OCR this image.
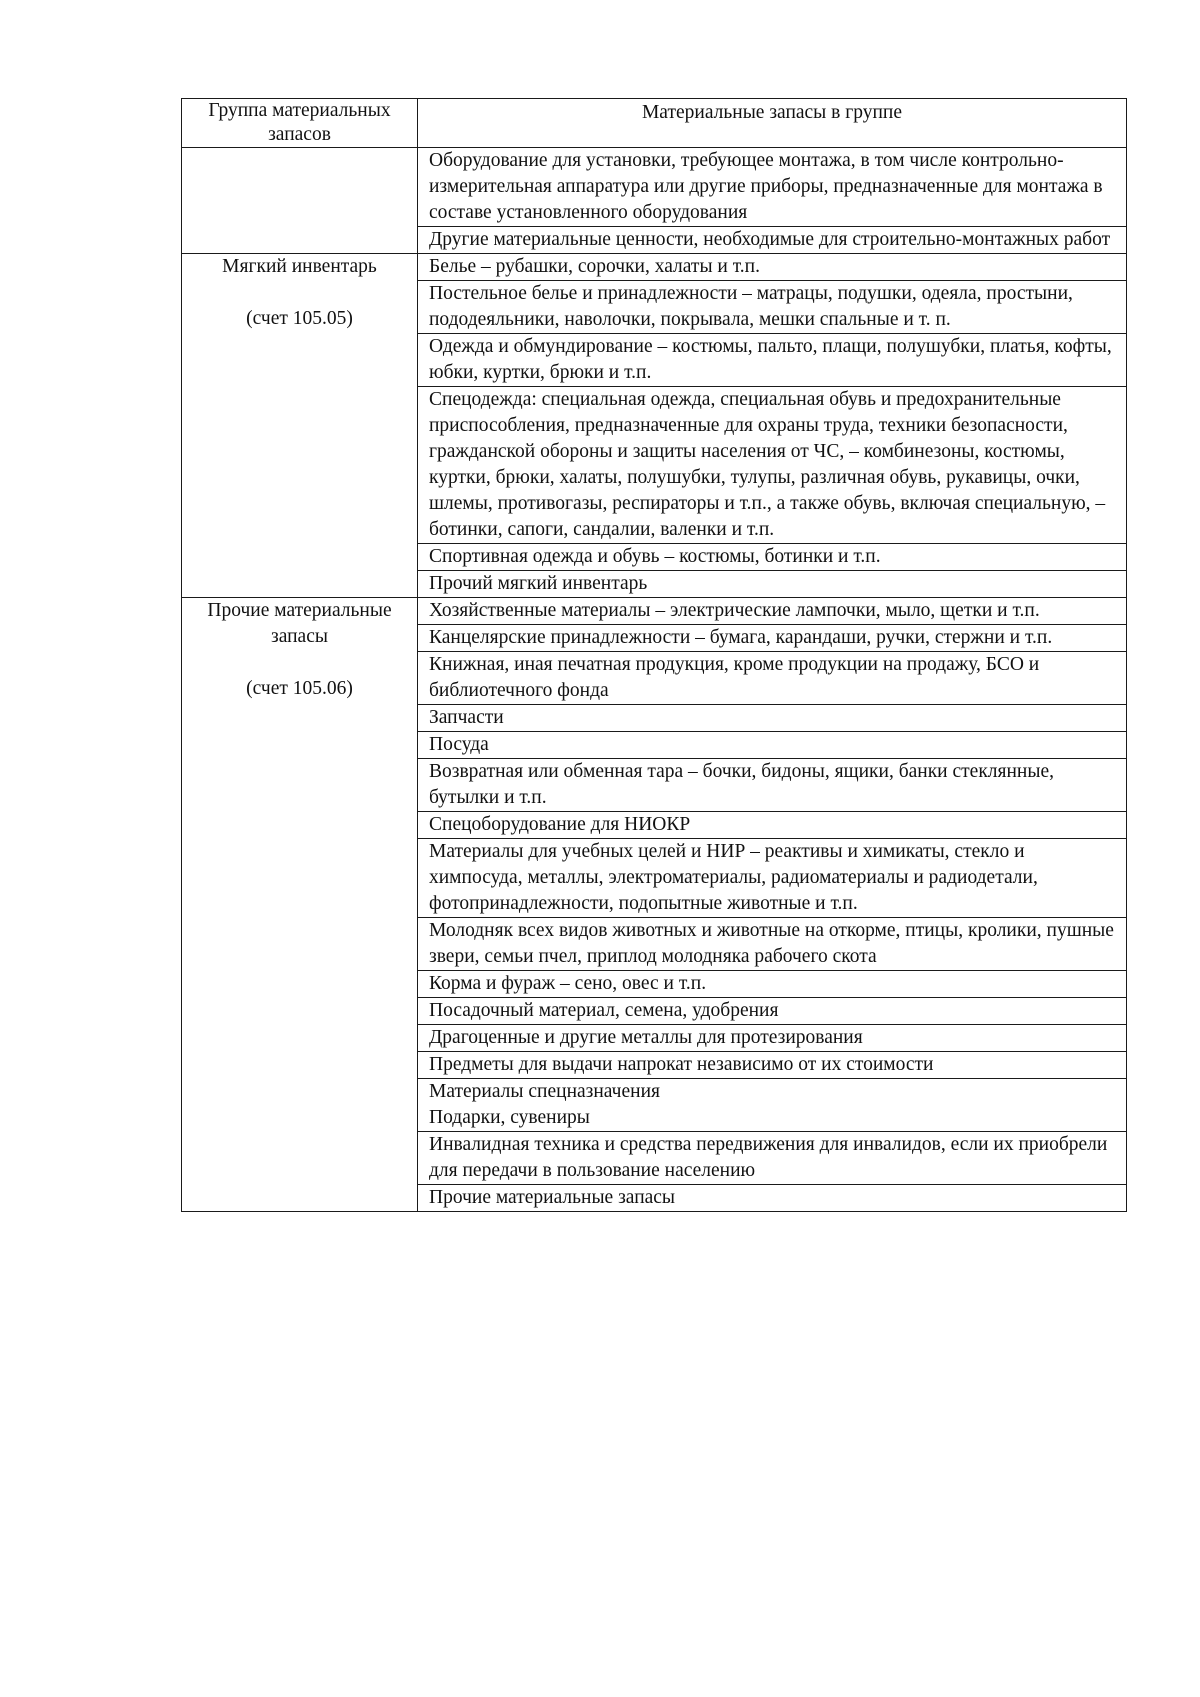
Группа материальных запасов	Материальные запасы в группе

	Оборудование для установки, требующее монтажа, в том числе контрольно-измерительная аппаратура или другие приборы, предназначенные для монтажа в составе установленного оборудования
	Другие материальные ценности, необходимые для строительно-монтажных работ

Мягкий инвентарь
(счет 105.05)	Белье – рубашки, сорочки, халаты и т.п.
	Постельное белье и принадлежности – матрацы, подушки, одеяла, простыни, пододеяльники, наволочки, покрывала, мешки спальные и т. п.
	Одежда и обмундирование – костюмы, пальто, плащи, полушубки, платья, кофты, юбки, куртки, брюки и т.п.
	Спецодежда: специальная одежда, специальная обувь и предохранительные приспособления, предназначенные для охраны труда, техники безопасности, гражданской обороны и защиты населения от ЧС, – комбинезоны, костюмы, куртки, брюки, халаты, полушубки, тулупы, различная обувь, рукавицы, очки, шлемы, противогазы, респираторы и т.п., а также обувь, включая специальную, – ботинки, сапоги, сандалии, валенки и т.п.
	Спортивная одежда и обувь – костюмы, ботинки и т.п.
	Прочий мягкий инвентарь

Прочие материальные запасы
(счет 105.06)	Хозяйственные материалы – электрические лампочки, мыло, щетки и т.п.
	Канцелярские принадлежности – бумага, карандаши, ручки, стержни и т.п.
	Книжная, иная печатная продукция, кроме продукции на продажу, БСО и библиотечного фонда
	Запчасти
	Посуда
	Возвратная или обменная тара – бочки, бидоны, ящики, банки стеклянные, бутылки и т.п.
	Спецоборудование для НИОКР
	Материалы для учебных целей и НИР – реактивы и химикаты, стекло и химпосуда, металлы, электроматериалы, радиоматериалы и радиодетали, фотопринадлежности, подопытные животные и т.п.
	Молодняк всех видов животных и животные на откорме, птицы, кролики, пушные звери, семьи пчел, приплод молодняка рабочего скота
	Корма и фураж – сено, овес и т.п.
	Посадочный материал, семена, удобрения
	Драгоценные и другие металлы для протезирования
	Предметы для выдачи напрокат независимо от их стоимости
	Материалы спецназначения
Подарки, сувениры
	Инвалидная техника и средства передвижения для инвалидов, если их приобрели для передачи в пользование населению
	Прочие материальные запасы
